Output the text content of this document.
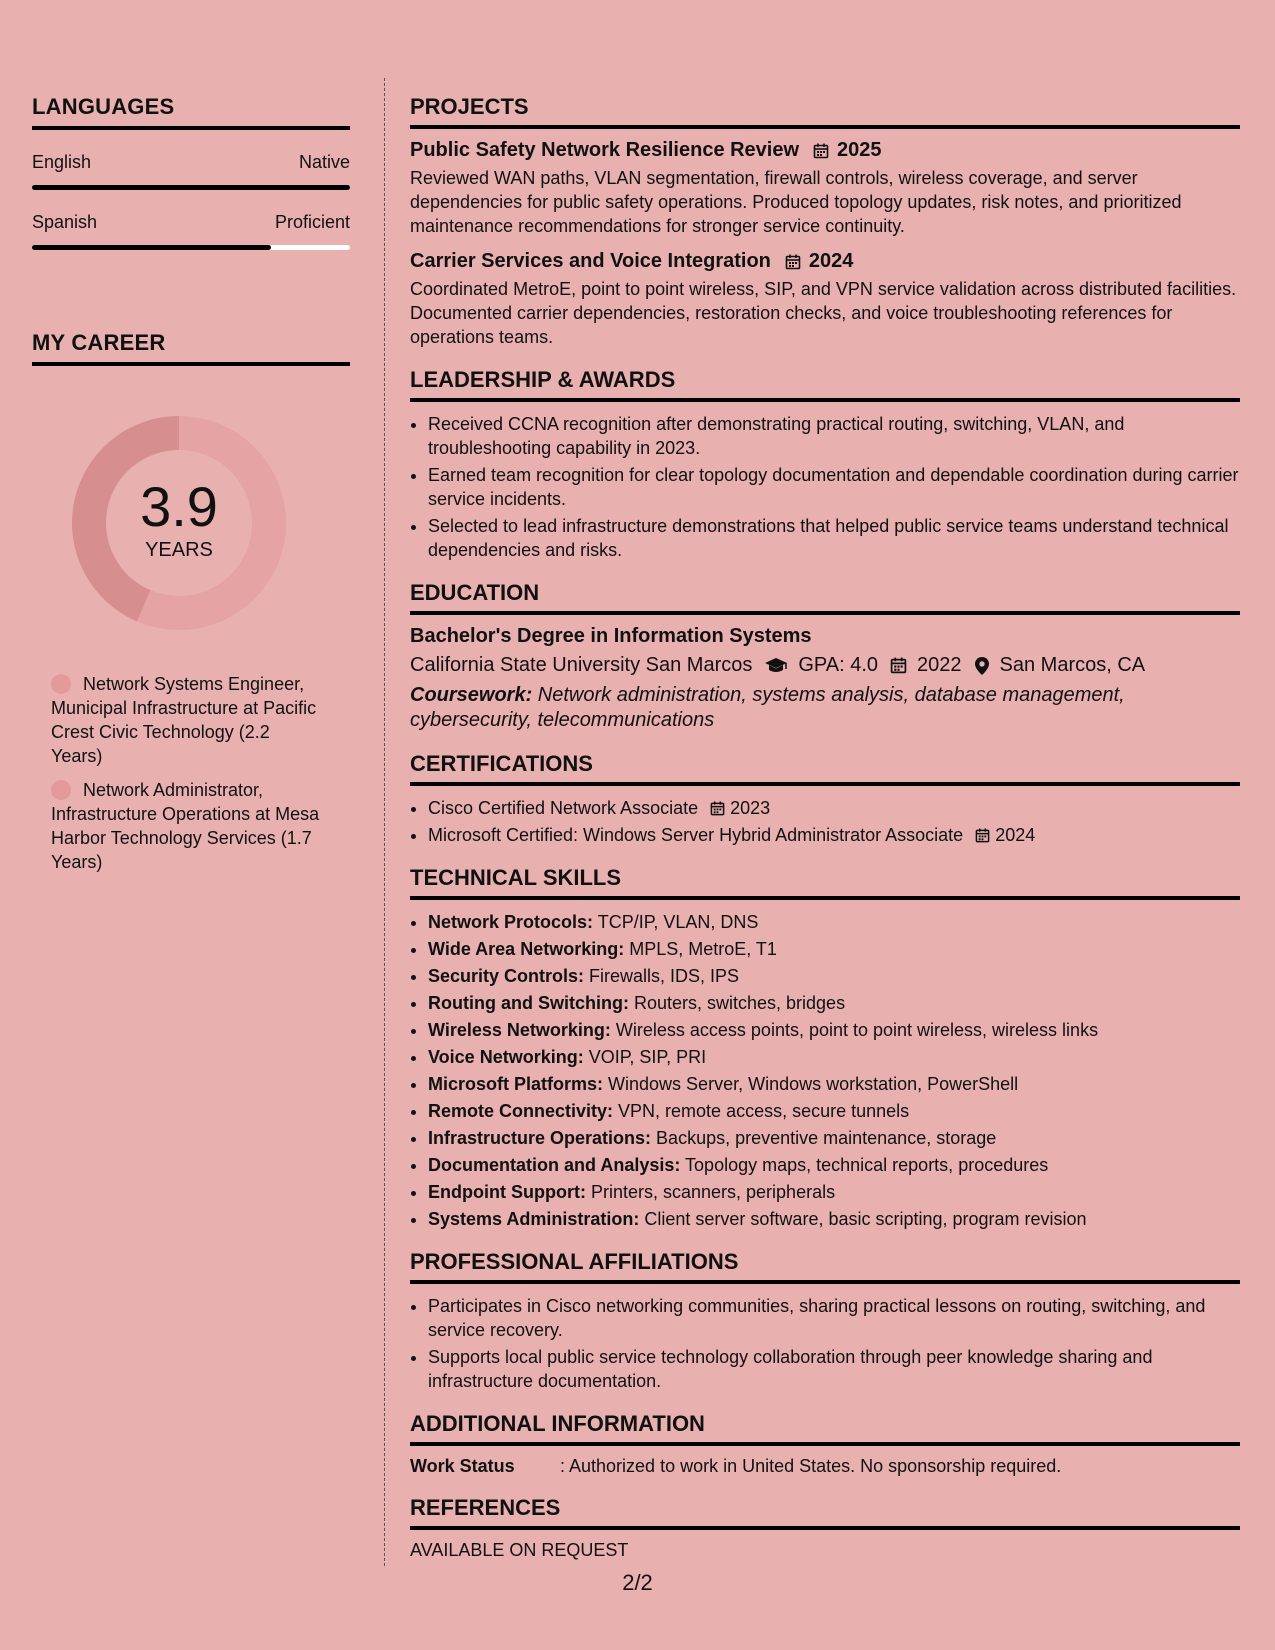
LANGUAGES
English	Native
Spanish	Proficient
MY CAREER
3.9
YEARS
Network Systems Engineer, Municipal Infrastructure at Pacific Crest Civic Technology (2.2 Years)
Network Administrator, Infrastructure Operations at Mesa Harbor Technology Services (1.7 Years)
PROJECTS
Public Safety Network Resilience Review 2025

Reviewed WAN paths, VLAN segmentation, firewall controls, wireless coverage, and server dependencies for public safety operations. Produced topology updates, risk notes, and prioritized maintenance recommendations for stronger service continuity.

Carrier Services and Voice Integration 2024

Coordinated MetroE, point to point wireless, SIP, and VPN service validation across distributed facilities. Documented carrier dependencies, restoration checks, and voice troubleshooting references for operations teams.

LEADERSHIP & AWARDS
• Received CCNA recognition after demonstrating practical routing, switching, VLAN, and troubleshooting capability in 2023.
• Earned team recognition for clear topology documentation and dependable coordination during carrier service incidents.
• Selected to lead infrastructure demonstrations that helped public service teams understand technical dependencies and risks.
EDUCATION
Bachelor's Degree in Information Systems
California State University San Marcos GPA: 4.0 2022 San Marcos, CA
Coursework: Network administration, systems analysis, database management, cybersecurity, telecommunications
CERTIFICATIONS
• Cisco Certified Network Associate 2023
• Microsoft Certified: Windows Server Hybrid Administrator Associate 2024
TECHNICAL SKILLS
• Network Protocols: TCP/IP, VLAN, DNS
• Wide Area Networking: MPLS, MetroE, T1
• Security Controls: Firewalls, IDS, IPS
• Routing and Switching: Routers, switches, bridges
• Wireless Networking: Wireless access points, point to point wireless, wireless links
• Voice Networking: VOIP, SIP, PRI
• Microsoft Platforms: Windows Server, Windows workstation, PowerShell
• Remote Connectivity: VPN, remote access, secure tunnels
• Infrastructure Operations: Backups, preventive maintenance, storage
• Documentation and Analysis: Topology maps, technical reports, procedures
• Endpoint Support: Printers, scanners, peripherals
• Systems Administration: Client server software, basic scripting, program revision
PROFESSIONAL AFFILIATIONS
• Participates in Cisco networking communities, sharing practical lessons on routing, switching, and service recovery.
• Supports local public service technology collaboration through peer knowledge sharing and infrastructure documentation.
ADDITIONAL INFORMATION
Work Status	: Authorized to work in United States. No sponsorship required.
REFERENCES
AVAILABLE ON REQUEST
2/2
